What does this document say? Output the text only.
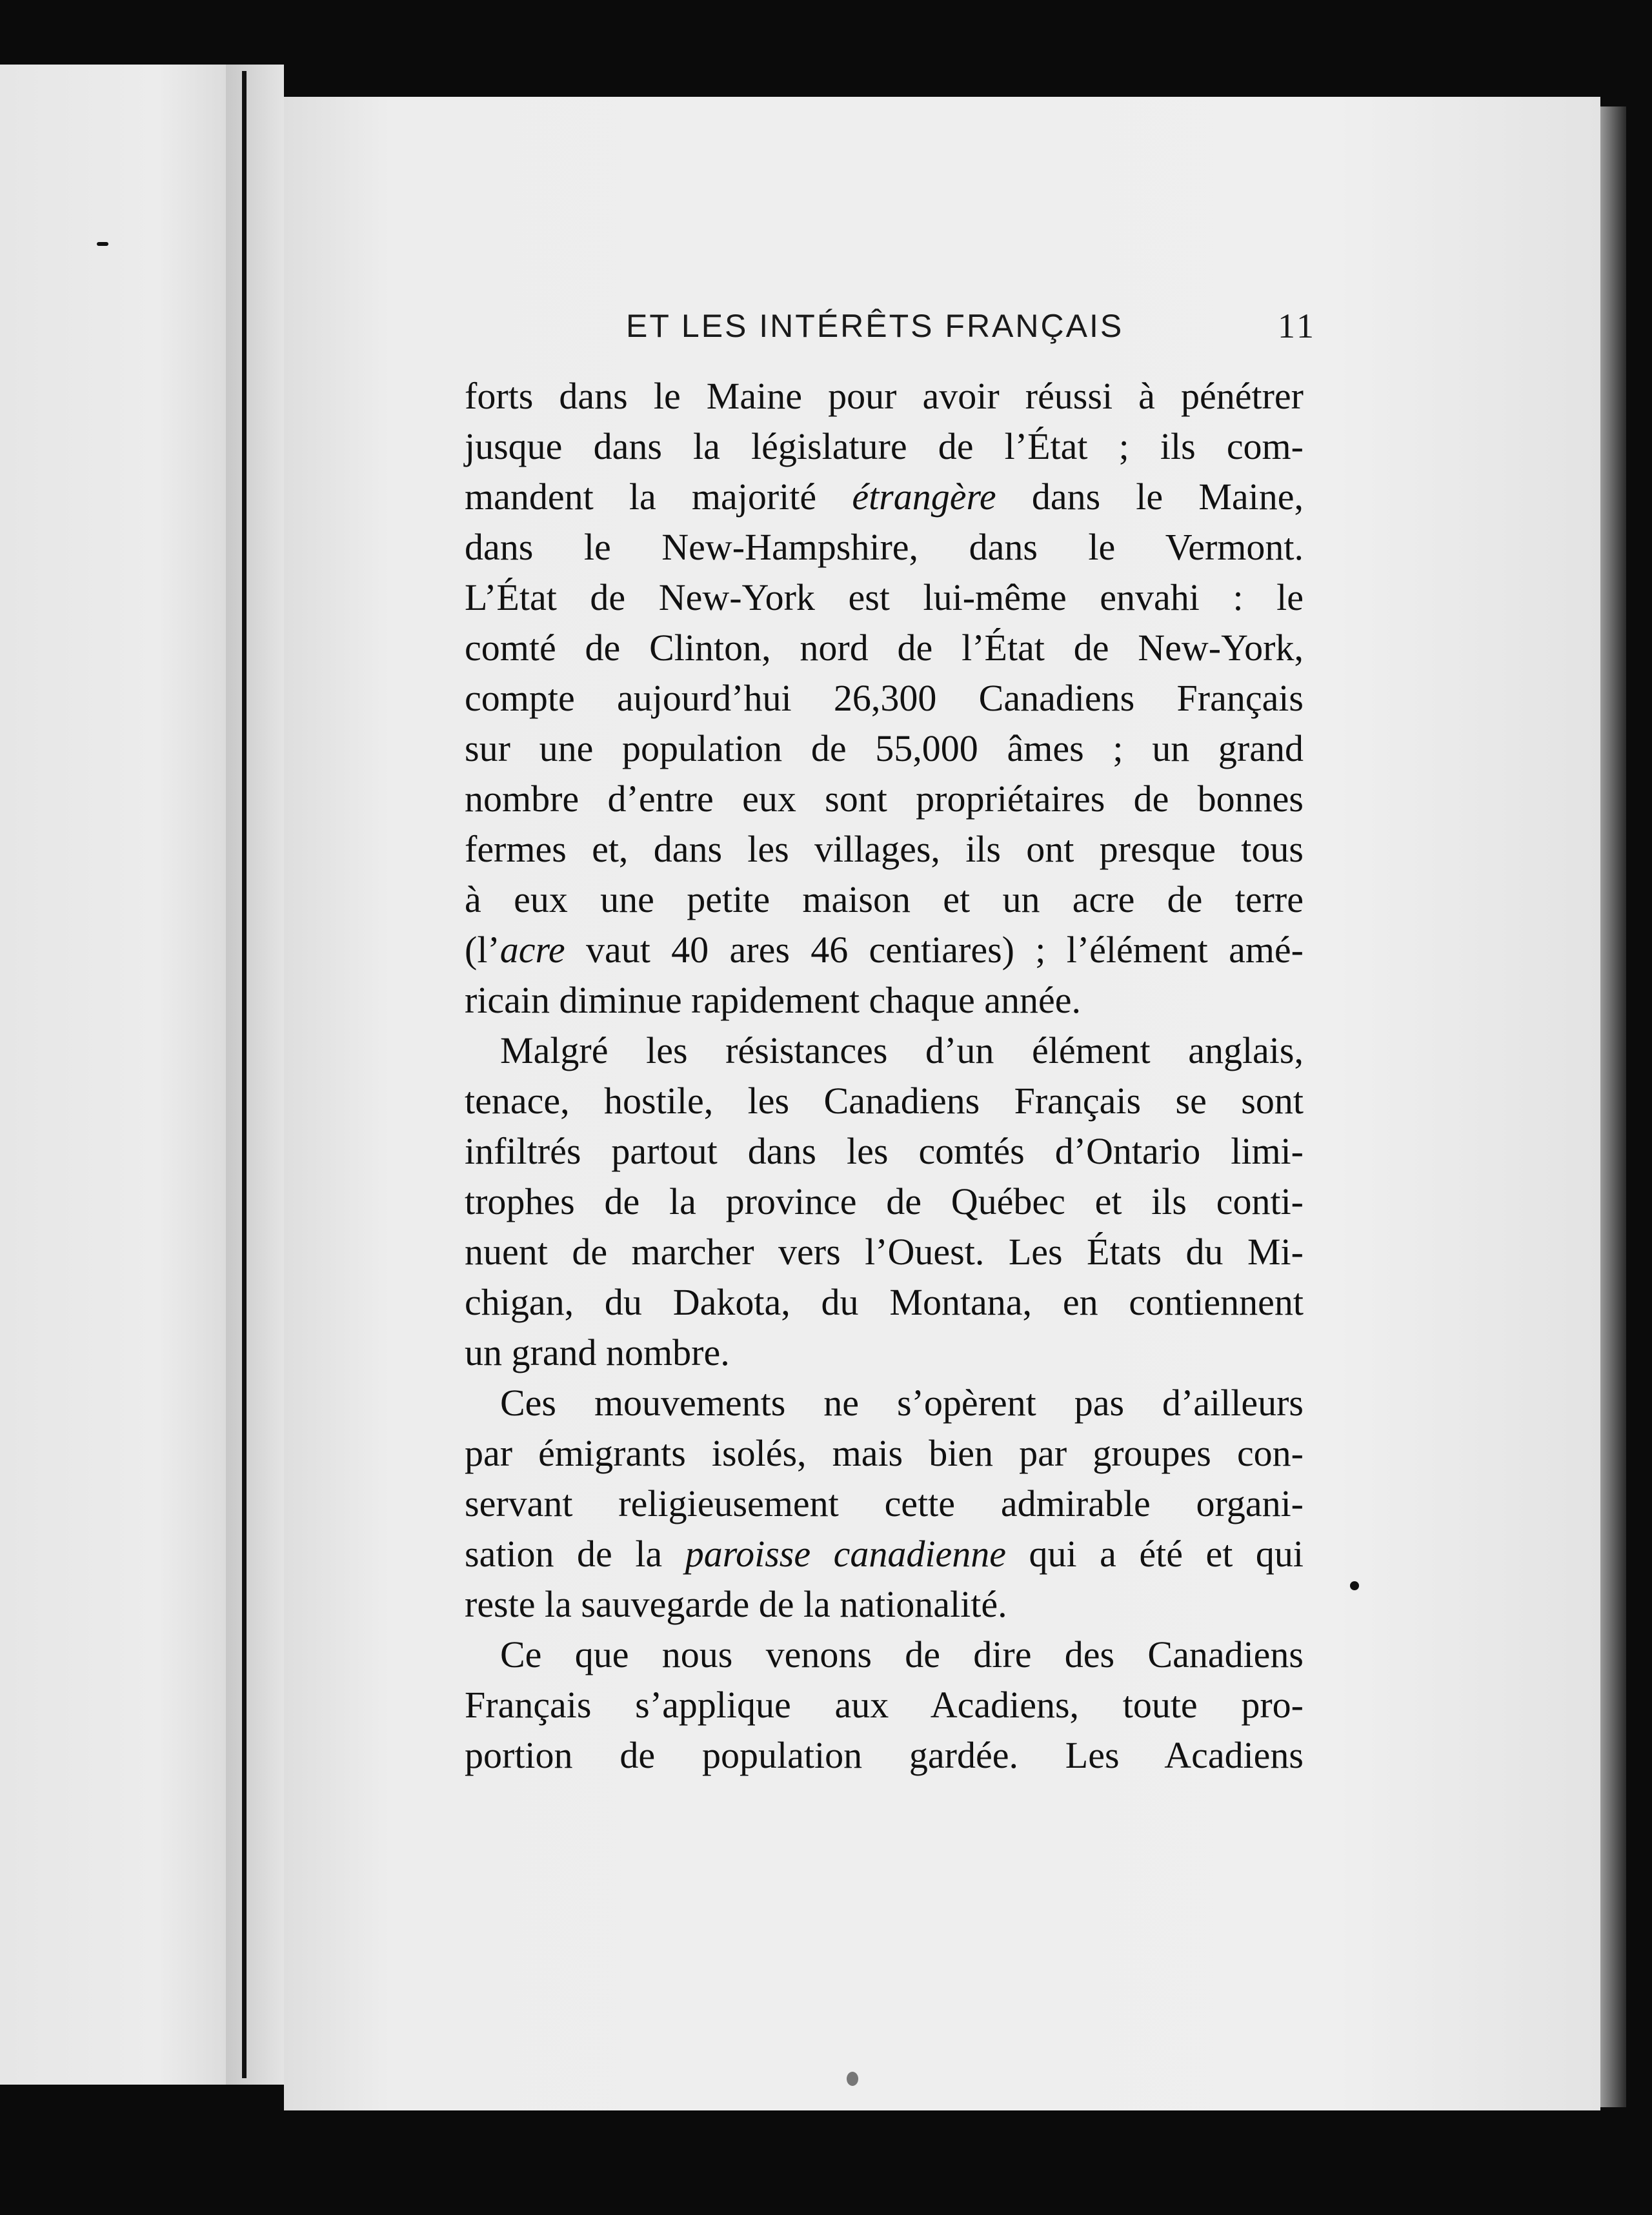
ET LES INTÉRÊTS FRANÇAIS	11
forts dans le Maine pour avoir réussi à pénétrer
jusque dans la législature de l’État ; ils com-
mandent la majorité étrangère dans le Maine,
dans le New-Hampshire, dans le Vermont.
L’État de New-York est lui-même envahi : le
comté de Clinton, nord de l’État de New-York,
compte aujourd’hui 26,300 Canadiens Français
sur une population de 55,000 âmes ; un grand
nombre d’entre eux sont propriétaires de bonnes
fermes et, dans les villages, ils ont presque tous
à eux une petite maison et un acre de terre
(l’acre vaut 40 ares 46 centiares) ; l’élément amé-
ricain diminue rapidement chaque année.
Malgré les résistances d’un élément anglais,
tenace, hostile, les Canadiens Français se sont
infiltrés partout dans les comtés d’Ontario limi-
trophes de la province de Québec et ils conti-
nuent de marcher vers l’Ouest. Les États du Mi-
chigan, du Dakota, du Montana, en contiennent
un grand nombre.
Ces mouvements ne s’opèrent pas d’ailleurs
par émigrants isolés, mais bien par groupes con-
servant religieusement cette admirable organi-
sation de la paroisse canadienne qui a été et qui
reste la sauvegarde de la nationalité.
Ce que nous venons de dire des Canadiens
Français s’applique aux Acadiens, toute pro-
portion de population gardée. Les Acadiens
